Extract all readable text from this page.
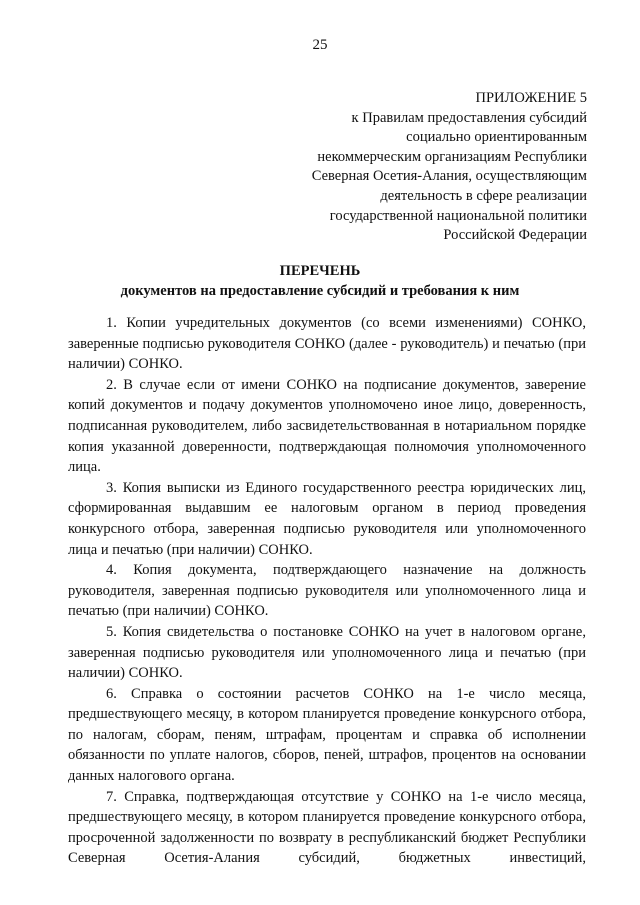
25
ПРИЛОЖЕНИЕ 5
к Правилам предоставления субсидий
социально ориентированным
некоммерческим организациям Республики
Северная Осетия-Алания, осуществляющим
деятельность в сфере реализации
государственной национальной политики
Российской Федерации
ПЕРЕЧЕНЬ
документов на предоставление субсидий и требования к ним

1. Копии учредительных документов (со всеми изменениями) СОНКО, заверенные подписью руководителя СОНКО (далее - руководитель) и печатью (при наличии) СОНКО.

2. В случае если от имени СОНКО на подписание документов, заверение копий документов и подачу документов уполномочено иное лицо, доверенность, подписанная руководителем, либо засвидетельствованная в нотариальном порядке копия указанной доверенности, подтверждающая полномочия уполномоченного лица.

3. Копия выписки из Единого государственного реестра юридических лиц, сформированная выдавшим ее налоговым органом в период проведения конкурсного отбора, заверенная подписью руководителя или уполномоченного лица и печатью (при наличии) СОНКО.

4. Копия документа, подтверждающего назначение на должность руководителя, заверенная подписью руководителя или уполномоченного лица и печатью (при наличии) СОНКО.

5. Копия свидетельства о постановке СОНКО на учет в налоговом органе, заверенная подписью руководителя или уполномоченного лица и печатью (при наличии) СОНКО.

6. Справка о состоянии расчетов СОНКО на 1-е число месяца, предшествующего месяцу, в котором планируется проведение конкурсного отбора, по налогам, сборам, пеням, штрафам, процентам и справка об исполнении обязанности по уплате налогов, сборов, пеней, штрафов, процентов на основании данных налогового органа.

7. Справка, подтверждающая отсутствие у СОНКО на 1-е число месяца, предшествующего месяцу, в котором планируется проведение конкурсного отбора, просроченной задолженности по возврату в республиканский бюджет Республики Северная Осетия-Алания субсидий, бюджетных инвестиций,
